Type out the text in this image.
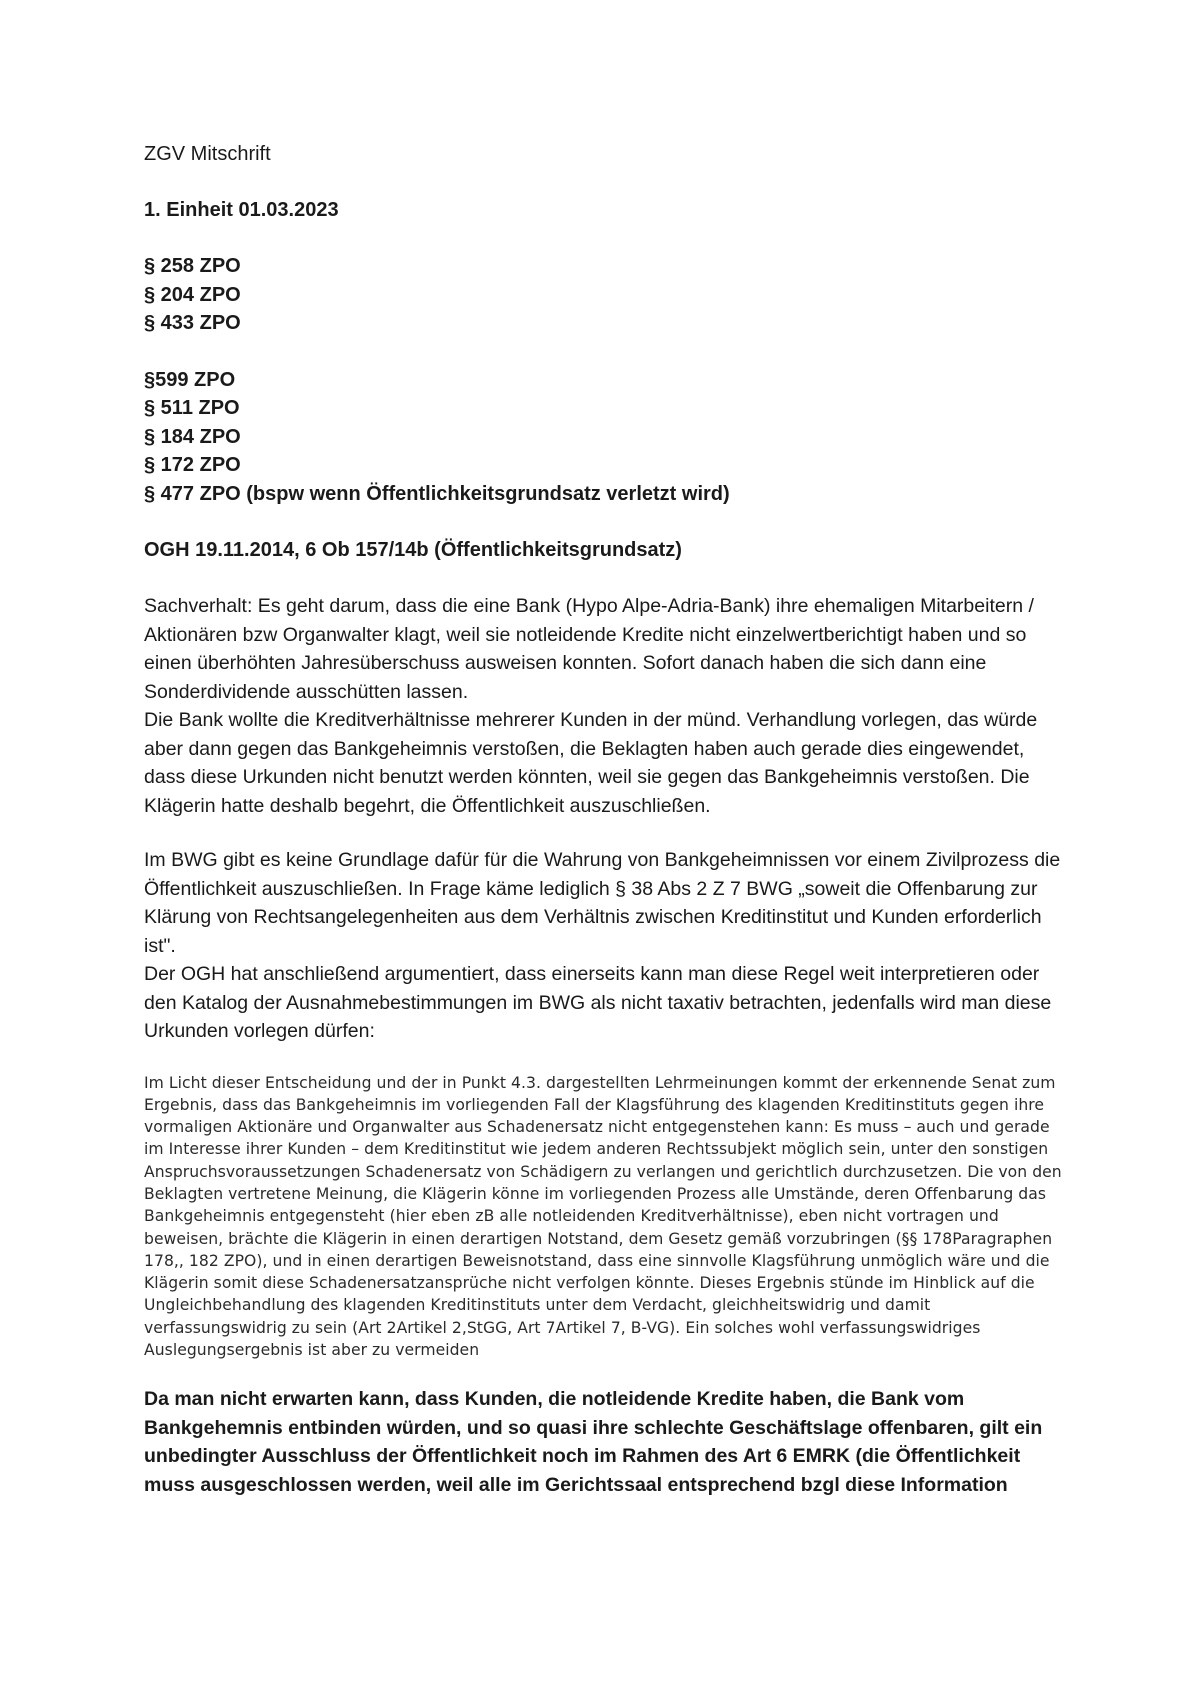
ZGV Mitschrift

1. Einheit 01.03.2023

§ 258 ZPO

§ 204 ZPO

§ 433 ZPO

§599 ZPO

§ 511 ZPO

§ 184 ZPO

§ 172 ZPO

§ 477 ZPO (bspw wenn Öffentlichkeitsgrundsatz verletzt wird)

OGH 19.11.2014, 6 Ob 157/14b (Öffentlichkeitsgrundsatz)

Sachverhalt: Es geht darum, dass die eine Bank (Hypo Alpe-Adria-Bank) ihre ehemaligen Mitarbeitern / Aktionären bzw Organwalter klagt, weil sie notleidende Kredite nicht einzelwertberichtigt haben und so einen überhöhten Jahresüberschuss ausweisen konnten. Sofort danach haben die sich dann eine Sonderdividende ausschütten lassen.

Die Bank wollte die Kreditverhältnisse mehrerer Kunden in der münd. Verhandlung vorlegen, das würde aber dann gegen das Bankgeheimnis verstoßen, die Beklagten haben auch gerade dies eingewendet, dass diese Urkunden nicht benutzt werden könnten, weil sie gegen das Bankgeheimnis verstoßen. Die Klägerin hatte deshalb begehrt, die Öffentlichkeit auszuschließen.

Im BWG gibt es keine Grundlage dafür für die Wahrung von Bankgeheimnissen vor einem Zivilprozess die Öffentlichkeit auszuschließen. In Frage käme lediglich § 38 Abs 2 Z 7 BWG „soweit die Offenbarung zur Klärung von Rechtsangelegenheiten aus dem Verhältnis zwischen Kreditinstitut und Kunden erforderlich ist".

Der OGH hat anschließend argumentiert, dass einerseits kann man diese Regel weit interpretieren oder den Katalog der Ausnahmebestimmungen im BWG als nicht taxativ betrachten, jedenfalls wird man diese Urkunden vorlegen dürfen:

Im Licht dieser Entscheidung und der in Punkt 4.3. dargestellten Lehrmeinungen kommt der erkennende Senat zum Ergebnis, dass das Bankgeheimnis im vorliegenden Fall der Klagsführung des klagenden Kreditinstituts gegen ihre vormaligen Aktionäre und Organwalter aus Schadenersatz nicht entgegenstehen kann: Es muss – auch und gerade im Interesse ihrer Kunden – dem Kreditinstitut wie jedem anderen Rechtssubjekt möglich sein, unter den sonstigen Anspruchsvoraussetzungen Schadenersatz von Schädigern zu verlangen und gerichtlich durchzusetzen. Die von den Beklagten vertretene Meinung, die Klägerin könne im vorliegenden Prozess alle Umstände, deren Offenbarung das Bankgeheimnis entgegensteht (hier eben zB alle notleidenden Kreditverhältnisse), eben nicht vortragen und beweisen, brächte die Klägerin in einen derartigen Notstand, dem Gesetz gemäß vorzubringen (§§ 178Paragraphen 178,, 182 ZPO), und in einen derartigen Beweisnotstand, dass eine sinnvolle Klagsführung unmöglich wäre und die Klägerin somit diese Schadenersatzansprüche nicht verfolgen könnte. Dieses Ergebnis stünde im Hinblick auf die Ungleichbehandlung des klagenden Kreditinstituts unter dem Verdacht, gleichheitswidrig und damit verfassungswidrig zu sein (Art 2Artikel 2,StGG, Art 7Artikel 7, B-VG). Ein solches wohl verfassungswidriges Auslegungsergebnis ist aber zu vermeiden

Da man nicht erwarten kann, dass Kunden, die notleidende Kredite haben, die Bank vom Bankgehemnis entbinden würden, und so quasi ihre schlechte Geschäftslage offenbaren, gilt ein unbedingter Ausschluss der Öffentlichkeit noch im Rahmen des Art 6 EMRK (die Öffentlichkeit muss ausgeschlossen werden, weil alle im Gerichtssaal entsprechend bzgl diese Information
